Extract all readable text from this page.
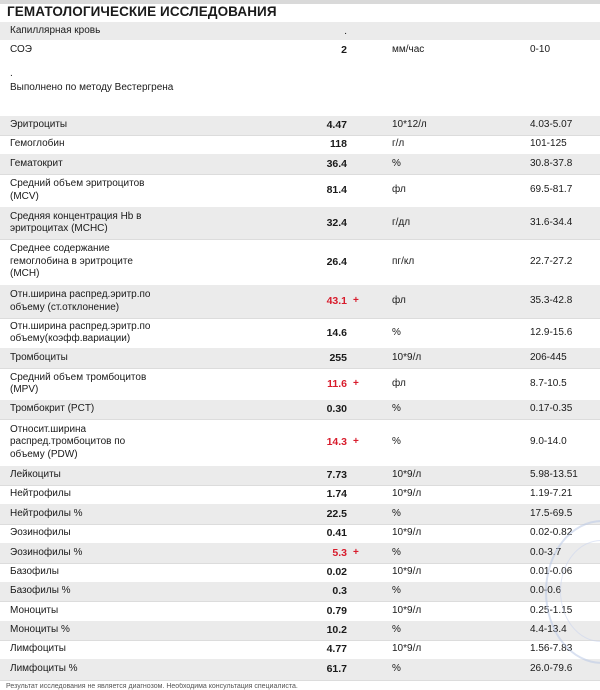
ГЕМАТОЛОГИЧЕСКИЕ ИССЛЕДОВАНИЯ
Капиллярная кровь	.
СОЭ	2	мм/час	0-10
.
Выполнено по методу Вестергрена
Эритроциты	4.47	10*12/л	4.03-5.07
Гемоглобин	118	г/л	101-125
Гематокрит	36.4	%	30.8-37.8
Средний объем эритроцитов
(MCV)	81.4	фл	69.5-81.7
Средняя концентрация Hb в
эритроцитах (MCHC)	32.4	г/дл	31.6-34.4
Среднее содержание
гемоглобина в эритроците
(MCH)
26.4	пг/кл	22.7-27.2
Отн.ширина распред.эритр.по
объему (ст.отклонение)	43.1 +	фл	35.3-42.8
Отн.ширина распред.эритр.по
объему(коэфф.вариации)	14.6	%	12.9-15.6
Тромбоциты	255	10*9/л	206-445
Средний объем тромбоцитов
(MPV)	11.6 +	фл	8.7-10.5
Тромбокрит (PCT)	0.30	%	0.17-0.35
Относит.ширина
распред.тромбоцитов по
объему (PDW)
14.3 +	%	9.0-14.0
Лейкоциты	7.73	10*9/л	5.98-13.51
Нейтрофилы	1.74	10*9/л	1.19-7.21
Нейтрофилы %	22.5	%	17.5-69.5
Эозинофилы	0.41	10*9/л	0.02-0.82
Эозинофилы %	5.3 +	%	0.0-3.7
Базофилы	0.02	10*9/л	0.01-0.06
Базофилы %	0.3	%	0.0-0.6
Моноциты	0.79	10*9/л	0.25-1.15
Моноциты %	10.2	%	4.4-13.4
Лимфоциты	4.77	10*9/л	1.56-7.83
Лимфоциты %	61.7	%	26.0-79.6
Результат исследования не является диагнозом. Необходима консультация специалиста.
